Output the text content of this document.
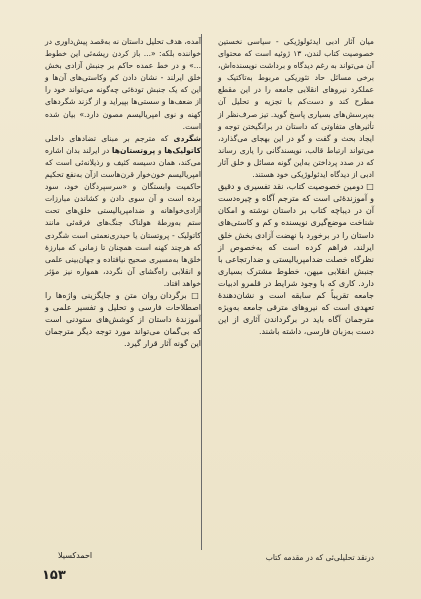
میان آثار ادبی ایدئولوژیکی - سیاسی نخستین خصوصیت کتاب لندن، ۱۳ ژوئیه است که محتوای آن می‌تواند به رغم دیدگاه و برداشت نویسنده‌اش، برخی مسائل حاد تئوریکی مربوط به‌تاکتیک و عملکرد نیروهای انقلابی جامعه را در این مقطع مطرح کند و دست‌کم با تجزیه و تحلیل آن به‌پرسش‌های بسیاری پاسخ گوید. تیز صرف‌نظر از تأثیرهای متفاوتی که داستان در برانگیختن توجه و ایجاد بحث و گفت و گو در این بهجای می‌گذارد، می‌تواند ارتباط قالب، نویسندگانی را یاری رساند که در صدد پرداختن به‌این گونه مسائل و خلق آثار ادبی از دیدگاه ایدئولوژیکی خود هستند.

□ دومین خصوصیت کتاب، نقد تفسیری و دقیق و آموزندهٔ‌ئی است که مترجم آگاه و چیره‌دست آن در دیباچه کتاب بر داستان نوشته و امکان شناخت موضع‌گیری نویسنده و کم و کاستی‌های داستان را در برخورد با نهضت آزادی بخش خلق ایرلند، فراهم کرده است که به‌خصوص از نظرگاه خصلت ضدامپریالیستی و ضدارتجاعی با جنبش انقلابی میهن، خطوط مشترک بسیاری دارد. کاری که با وجود شرایط در قلمرو ادبیات جامعه تقریباً کم سابقه است و نشان‌دهندهٔ تعهدی است که نیروهای مترقی جامعه به‌ویژه مترجمان آگاه باید در برگرداندن آثاری از این دست به‌زبان فارسی، داشته باشند.

آمده، هدف تحلیل داستان نه به‌قصد پیش‌داوری در خواننده بلکه: «... باز کردن ریشه‌ئی این خطوط ...» و در خط عمده حاکم بر جنبش آزادی بخش خلق ایرلند - نشان دادن کم وکاستی‌های آن‌ها و این که یک جنبش تودهٔ‌ئی چه‌گونه می‌تواند خود را از ضعف‌ها و سستی‌ها بپیراید و از گزند شگردهای کهنه و نوی امپریالیسم مصون دارد.» بیان شده است.

شگردی که مترجم بر مبنای تضادهای داخلی کاتولیک‌ها و پروتستان‌ها در ایرلند بدان اشاره می‌کند، همان دسیسه کثیف و رذیلانه‌ئی است که امپریالیسم خون‌خوار قرن‌هاست ازآن به‌نفع تحکیم حاکمیت وابستگان و «سرسپردگان خود، سود برده است و آن سوی دادن و کشاندن مبارزات آزادی‌خواهانه و ضدامپریالیستی خلق‌های تحت ستم به‌ورطهٔ هولناک جنگ‌های فرقه‌ئی مانند کاتولیک - پروتستان یا حیدری‌نعمتی است شگردی که هرچند کهنه است همچنان تا زمانی که مبارزهٔ خلق‌ها به‌مسیری صحیح نیافتاده و جهان‌بینی علمی و انقلابی راه‌گشای آن نگردد، همواره نیز مؤثر خواهد افتاد.

□ برگردان روان متن و جایگزینی واژه‌ها را اصطلاحات فارسی و تحلیل و تفسیر علمی و آموزندهٔ داستان از کوشش‌های ستودنی است که بی‌گمان می‌تواند مورد توجه دیگر مترجمان این گونه آثار قرار گیرد.

درنقد تحلیلی‌ئی که در مقدمه کتاب
احمدکسیلا
۱۵۳
